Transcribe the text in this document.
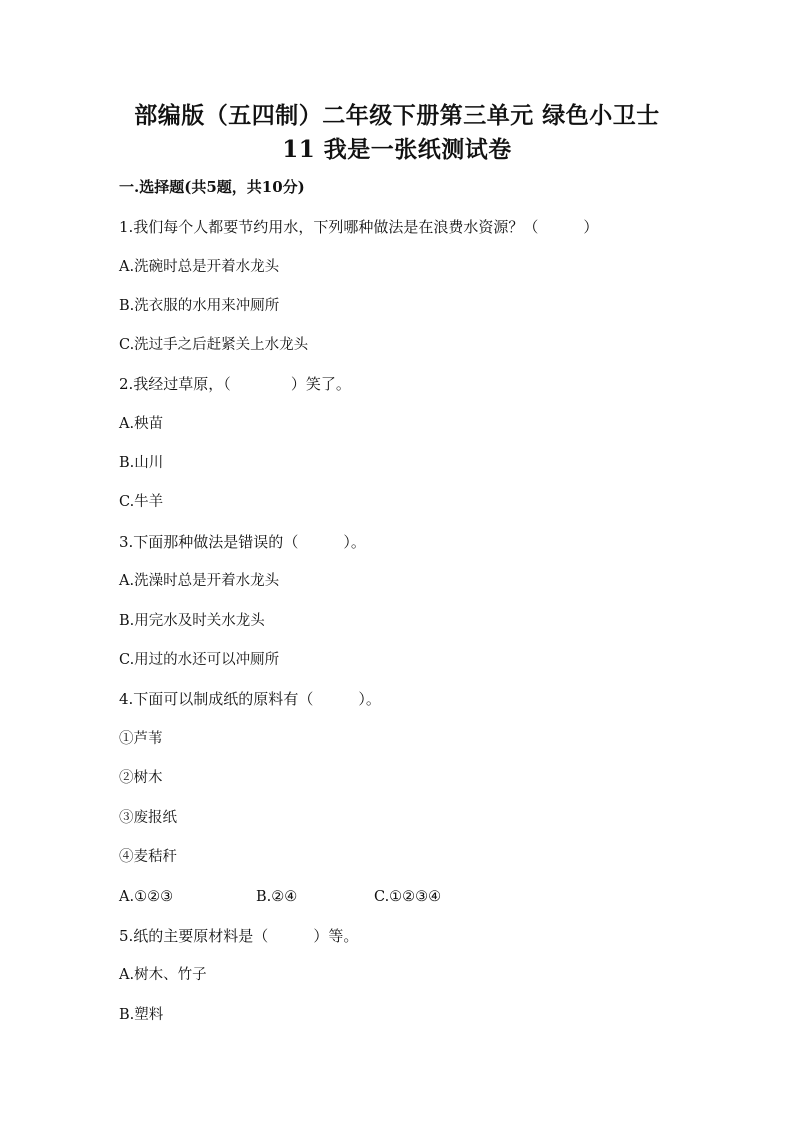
部编版（五四制）二年级下册第三单元 绿色小卫士
11 我是一张纸测试卷
一.选择题(共5题，共10分)
1.我们每个人都要节约用水，下列哪种做法是在浪费水资源？（　　　）
A.洗碗时总是开着水龙头
B.洗衣服的水用来冲厕所
C.洗过手之后赶紧关上水龙头
2.我经过草原，（　　　　）笑了。
A.秧苗
B.山川
C.牛羊
3.下面那种做法是错误的（　　　）。
A.洗澡时总是开着水龙头
B.用完水及时关水龙头
C.用过的水还可以冲厕所
4.下面可以制成纸的原料有（　　　）。
①芦苇
②树木
③废报纸
④麦秸秆
A.①②③	B.②④	C.①②③④
5.纸的主要原材料是（　　　）等。
A.树木、竹子
B.塑料
